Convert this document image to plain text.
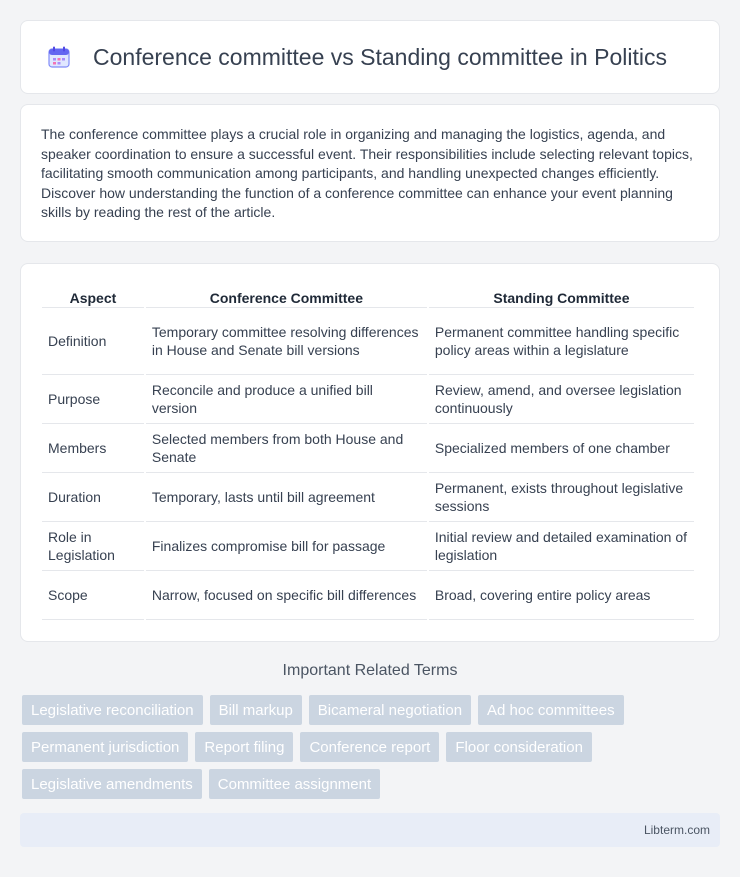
Conference committee vs Standing committee in Politics

The conference committee plays a crucial role in organizing and managing the logistics, agenda, and speaker coordination to ensure a successful event. Their responsibilities include selecting relevant topics, facilitating smooth communication among participants, and handling unexpected changes efficiently. Discover how understanding the function of a conference committee can enhance your event planning skills by reading the rest of the article.

Aspect	Conference Committee	Standing Committee
Definition	Temporary committee resolving differences in House and Senate bill versions	Permanent committee handling specific policy areas within a legislature
Purpose	Reconcile and produce a unified bill version	Review, amend, and oversee legislation continuously
Members	Selected members from both House and Senate	Specialized members of one chamber
Duration	Temporary, lasts until bill agreement	Permanent, exists throughout legislative sessions
Role in Legislation	Finalizes compromise bill for passage	Initial review and detailed examination of legislation
Scope	Narrow, focused on specific bill differences	Broad, covering entire policy areas
Important Related Terms
Legislative reconciliation	Bill markup	Bicameral negotiation	Ad hoc committees
Permanent jurisdiction	Report filing	Conference report	Floor consideration
Legislative amendments	Committee assignment
Libterm.com
